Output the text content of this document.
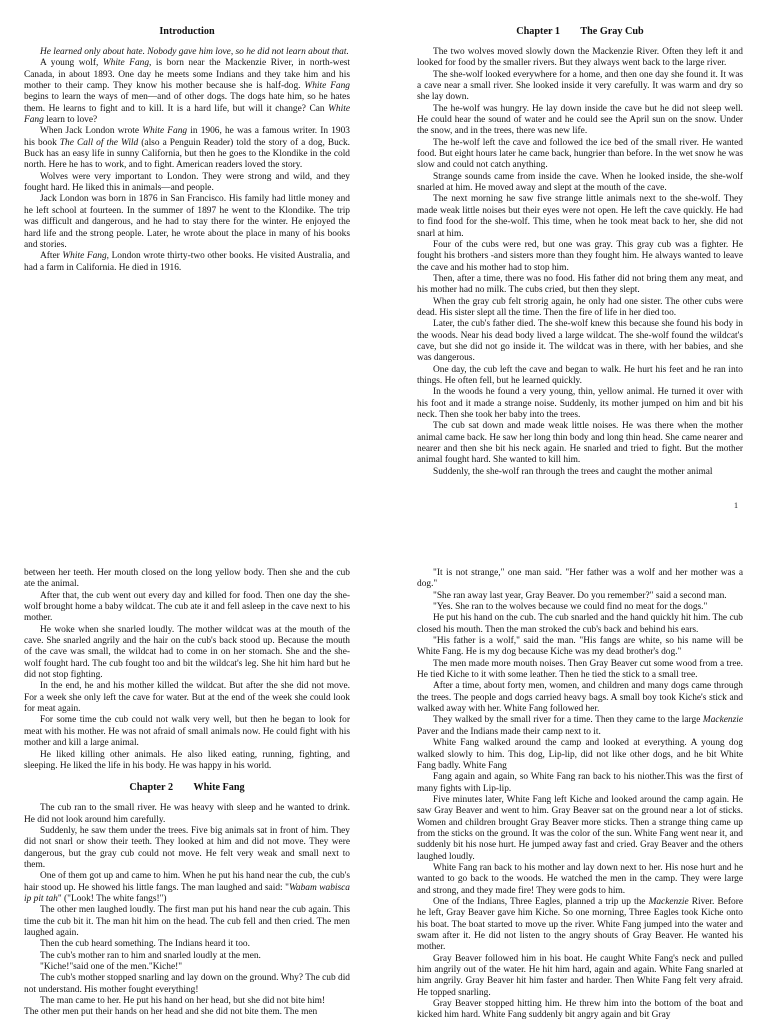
Introduction

He learned only about hate. Nobody gave him love, so he did not learn about that.

A young wolf, White Fang, is born near the Mackenzie River, in north-west Canada, in about 1893. One day he meets some Indians and they take him and his mother to their camp. They know his mother because she is half-dog. White Fang begins to learn the ways of men—and of other dogs. The dogs hate him, so he hates them. He learns to fight and to kill. It is a hard life, but will it change? Can White Fang learn to love?

When Jack London wrote White Fang in 1906, he was a famous writer. In 1903 his book The Call of the Wild (also a Penguin Reader) told the story of a dog, Buck. Buck has an easy life in sunny California, but then he goes to the Klondike in the cold north. Here he has to work, and to fight. American readers loved the story.

Wolves were very important to London. They were strong and wild, and they fought hard. He liked this in animals—and people.

Jack London was born in 1876 in San Francisco. His family had little money and he left school at fourteen. In the summer of 1897 he went to the Klondike. The trip was difficult and dangerous, and he had to stay there for the winter. He enjoyed the hard life and the strong people. Later, he wrote about the place in many of his books and stories.

After White Fang, London wrote thirty-two other books. He visited Australia, and had a farm in California. He died in 1916.

Chapter 1  The Gray Cub

The two wolves moved slowly down the Mackenzie River. Often they left it and looked for food by the smaller rivers. But they always went back to the large river.

The she-wolf looked everywhere for a home, and then one day she found it. It was a cave near a small river. She looked inside it very carefully. It was warm and dry so she lay down.

The he-wolf was hungry. He lay down inside the cave but he did not sleep well. He could hear the sound of water and he could see the April sun on the snow. Under the snow, and in the trees, there was new life.

The he-wolf left the cave and followed the ice bed of the small river. He wanted food. But eight hours later he came back, hungrier than before. In the wet snow he was slow and could not catch anything.

Strange sounds came from inside the cave. When he looked inside, the she-wolf snarled at him. He moved away and slept at the mouth of the cave.

The next morning he saw five strange little animals next to the she-wolf. They made weak little noises but their eyes were not open. He left the cave quickly. He had to find food for the she-wolf. This time, when he took meat back to her, she did not snarl at him.

Four of the cubs were red, but one was gray. This gray cub was a fighter. He fought his brothers -and sisters more than they fought him. He always wanted to leave the cave and his mother had to stop him.

Then, after a time, there was no food. His father did not bring them any meat, and his mother had no milk. The cubs cried, but then they slept.

When the gray cub felt strorig again, he only had one sister. The other cubs were dead. His sister slept all the time. Then the fire of life in her died too.

Later, the cub's father died. The she-wolf knew this because she found his body in the woods. Near his dead body lived a large wildcat. The she-wolf found the wildcat's cave, but she did not go inside it. The wildcat was in there, with her babies, and she was dangerous.

One day, the cub left the cave and began to walk. He hurt his feet and he ran into things. He often fell, but he learned quickly.

In the woods he found a very young, thin, yellow animal. He turned it over with his foot and it made a strange noise. Suddenly, its mother jumped on him and bit his neck. Then she took her baby into the trees.

The cub sat down and made weak little noises. He was there when the mother animal came back. He saw her long thin body and long thin head. She came nearer and nearer and then she bit his neck again. He snarled and tried to fight. But the mother animal fought hard. She wanted to kill him.

Suddenly, the she-wolf ran through the trees and caught the mother animal

1

between her teeth. Her mouth closed on the long yellow body. Then she and the cub ate the animal.

After that, the cub went out every day and killed for food. Then one day the she-wolf brought home a baby wildcat. The cub ate it and fell asleep in the cave next to his mother.

He woke when she snarled loudly. The mother wildcat was at the mouth of the cave. She snarled angrily and the hair on the cub's back stood up. Because the mouth of the cave was small, the wildcat had to come in on her stomach. She and the she-wolf fought hard. The cub fought too and bit the wildcat's leg. She hit him hard but he did not stop fighting.

In the end, he and his mother killed the wildcat. But after the she did not move. For a week she only left the cave for water. But at the end of the week she could look for meat again.

For some time the cub could not walk very well, but then he began to look for meat with his mother. He was not afraid of small animals now. He could fight with his mother and kill a large animal.

He liked killing other animals. He also liked eating, running, fighting, and sleeping. He liked the life in his body. He was happy in his world.

Chapter 2  White Fang

The cub ran to the small river. He was heavy with sleep and he wanted to drink. He did not look around him carefully.

Suddenly, he saw them under the trees. Five big animals sat in front of him. They did not snarl or show their teeth. They looked at him and did not move. They were dangerous, but the gray cub could not move. He felt very weak and small next to them.

One of them got up and came to him. When he put his hand near the cub, the cub's hair stood up. He showed his little fangs. The man laughed and said: "Wabam wabisca ip pit tah" ("Look! The white fangs!")

The other men laughed loudly. The first man put his hand near the cub again. This time the cub bit it. The man hit him on the head. The cub fell and then cried. The men laughed again.

Then the cub heard something. The Indians heard it too.

The cub's mother ran to him and snarled loudly at the men.

"Kiche!"said one of the men."Kiche!"

The cub's mother stopped snarling and lay down on the ground. Why? The cub did not understand. His mother fought everything!

The man came to her. He put his hand on her head, but she did not bite him!

The other men put their hands on her head and she did not bite them. The men

"It is not strange," one man said. "Her father was a wolf and her mother was a dog."

"She ran away last year, Gray Beaver. Do you remember?" said a second man.

"Yes. She ran to the wolves because we could find no meat for the dogs."

He put his hand on the cub. The cub snarled and the hand quickly hit him. The cub closed his mouth. Then the man stroked the cub's back and behind his ears.

"His father is a wolf," said the man. "His fangs are white, so his name will be White Fang. He is my dog because Kiche was my dead brother's dog."

The men made more mouth noises. Then Gray Beaver cut some wood from a tree. He tied Kiche to it with some leather. Then he tied the stick to a small tree.

After a time, about forty men, women, and children and many dogs came through the trees. The people and dogs carried heavy bags. A small boy took Kiche's stick and walked away with her. White Fang followed her.

They walked by the small river for a time. Then they came to the large Mackenzie Paver and the Indians made their camp next to it.

White Fang walked around the camp and looked at everything. A young dog walked slowly to him. This dog, Lip-lip, did not like other dogs, and he bit White Fang badly. White Fang

Fang again and again, so White Fang ran back to his niother.This was the first of many fights with Lip-lip.

Five minutes later, White Fang left Kiche and looked around the camp again. He saw Gray Beaver and went to him. Gray Beaver sat on the ground near a lot of sticks. Women and children brought Gray Beaver more sticks. Then a strange thing came up from the sticks on the ground. It was the color of the sun. White Fang went near it, and suddenly bit his nose hurt. He jumped away fast and cried. Gray Beaver and the others laughed loudly.

White Fang ran back to his mother and lay down next to her. His nose hurt and he wanted to go back to the woods. He watched the men in the camp. They were large and strong, and they made fire! They were gods to him.

One of the Indians, Three Eagles, planned a trip up the Mackenzie River. Before he left, Gray Beaver gave him Kiche. So one morning, Three Eagles took Kiche onto his boat. The boat started to move up the river. White Fang jumped into the water and swam after it. He did not listen to the angry shouts of Gray Beaver. He wanted his mother.

Gray Beaver followed him in his boat. He caught White Fang's neck and pulled him angrily out of the water. He hit him hard, again and again. White Fang snarled at him angrily. Gray Beaver hit him faster and harder. Then White Fang felt very afraid. He topped snarling.

Gray Beaver stopped hitting him. He threw him into the bottom of the boat and kicked him hard. White Fang suddenly bit angry again and bit Gray
